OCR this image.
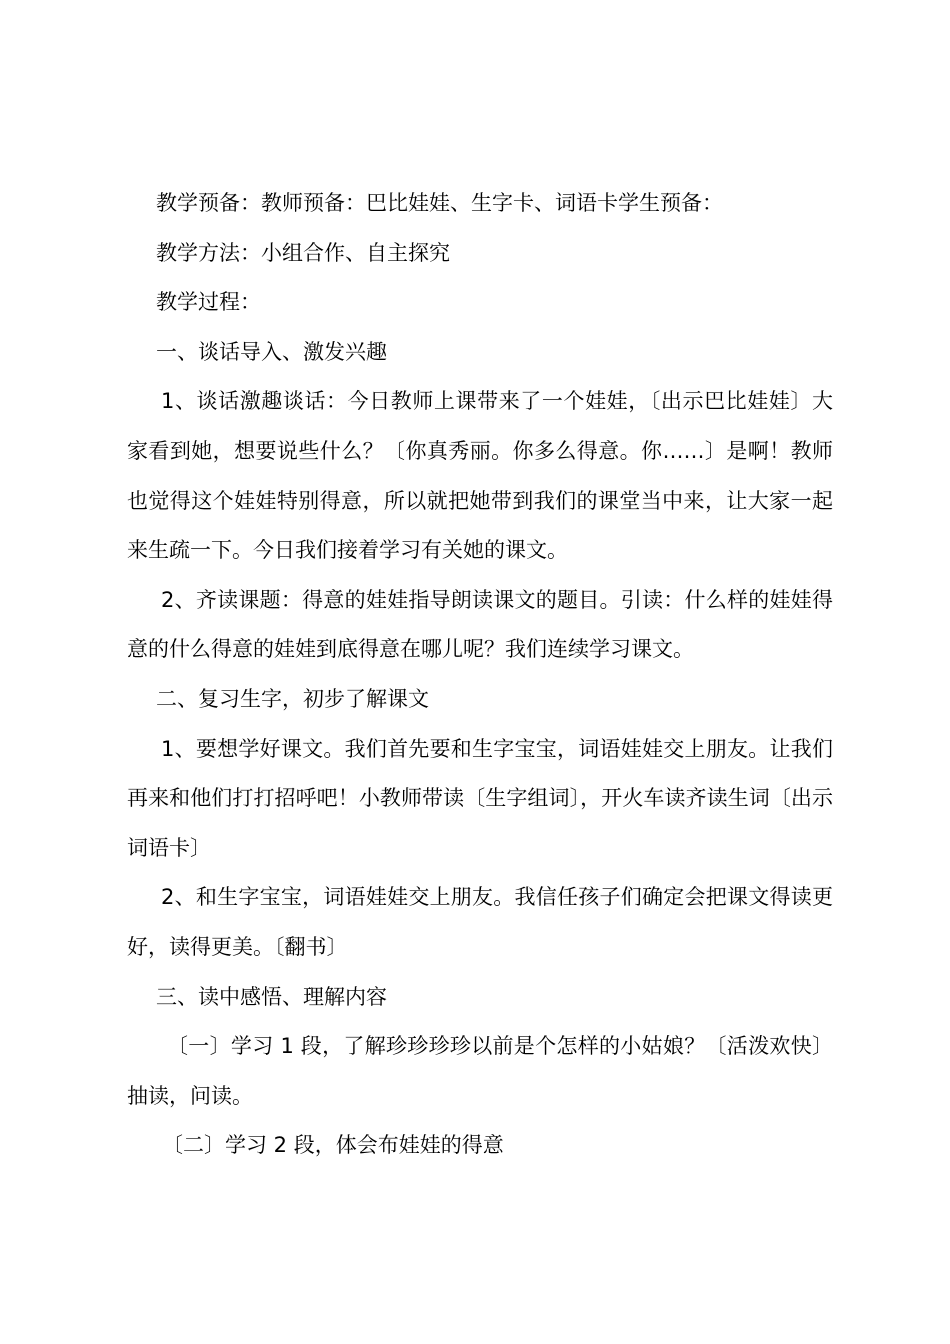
教学预备：教师预备：巴比娃娃、生字卡、词语卡学生预备：

教学方法：小组合作、自主探究

教学过程：

一、谈话导入、激发兴趣

1、谈话激趣谈话：今日教师上课带来了一个娃娃，〔出示巴比娃娃〕大家看到她，想要说些什么？〔你真秀丽。你多么得意。你……〕是啊！教师也觉得这个娃娃特别得意，所以就把她带到我们的课堂当中来，让大家一起来生疏一下。今日我们接着学习有关她的课文。

2、齐读课题：得意的娃娃指导朗读课文的题目。引读：什么样的娃娃得意的什么得意的娃娃到底得意在哪儿呢？我们连续学习课文。

二、复习生字，初步了解课文

1、要想学好课文。我们首先要和生字宝宝，词语娃娃交上朋友。让我们再来和他们打打招呼吧！小教师带读〔生字组词〕，开火车读齐读生词〔出示词语卡〕

2、和生字宝宝，词语娃娃交上朋友。我信任孩子们确定会把课文得读更好，读得更美。〔翻书〕

三、读中感悟、理解内容

〔一〕学习 1 段，了解珍珍珍珍以前是个怎样的小姑娘？〔活泼欢快〕抽读，问读。

〔二〕学习 2 段，体会布娃娃的得意
